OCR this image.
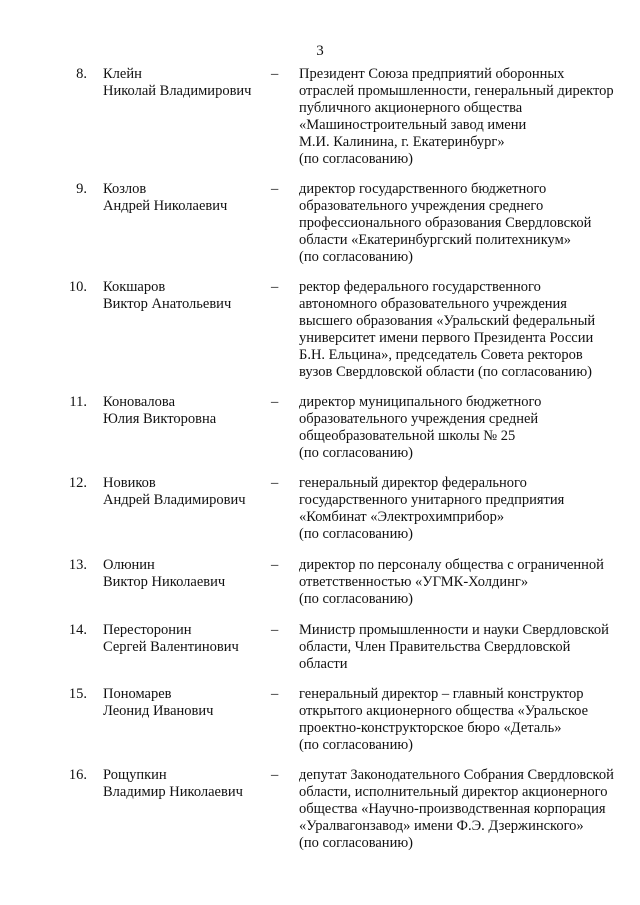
3
8. Клейн
Николай Владимирович
– Президент Союза предприятий оборонных
отраслей промышленности, генеральный директор
публичного акционерного общества
«Машиностроительный завод имени
М.И. Калинина, г. Екатеринбург»
(по согласованию)
9. Козлов
Андрей Николаевич
– директор государственного бюджетного
образовательного учреждения среднего
профессионального образования Свердловской
области «Екатеринбургский политехникум»
(по согласованию)
10. Кокшаров
Виктор Анатольевич
– ректор федерального государственного
автономного образовательного учреждения
высшего образования «Уральский федеральный
университет имени первого Президента России
Б.Н. Ельцина», председатель Совета ректоров
вузов Свердловской области (по согласованию)
11. Коновалова
Юлия Викторовна
– директор муниципального бюджетного
образовательного учреждения средней
общеобразовательной школы № 25
(по согласованию)
12. Новиков
Андрей Владимирович
– генеральный директор федерального
государственного унитарного предприятия
«Комбинат «Электрохимприбор»
(по согласованию)
13. Олюнин
Виктор Николаевич
– директор по персоналу общества с ограниченной
ответственностью «УГМК-Холдинг»
(по согласованию)
14. Пересторонин
Сергей Валентинович
– Министр промышленности и науки Свердловской
области, Член Правительства Свердловской
области
15. Пономарев
Леонид Иванович
– генеральный директор – главный конструктор
открытого акционерного общества «Уральское
проектно-конструкторское бюро «Деталь»
(по согласованию)
16. Рощупкин
Владимир Николаевич
– депутат Законодательного Собрания Свердловской
области, исполнительный директор акционерного
общества «Научно-производственная корпорация
«Уралвагонзавод» имени Ф.Э. Дзержинского»
(по согласованию)
